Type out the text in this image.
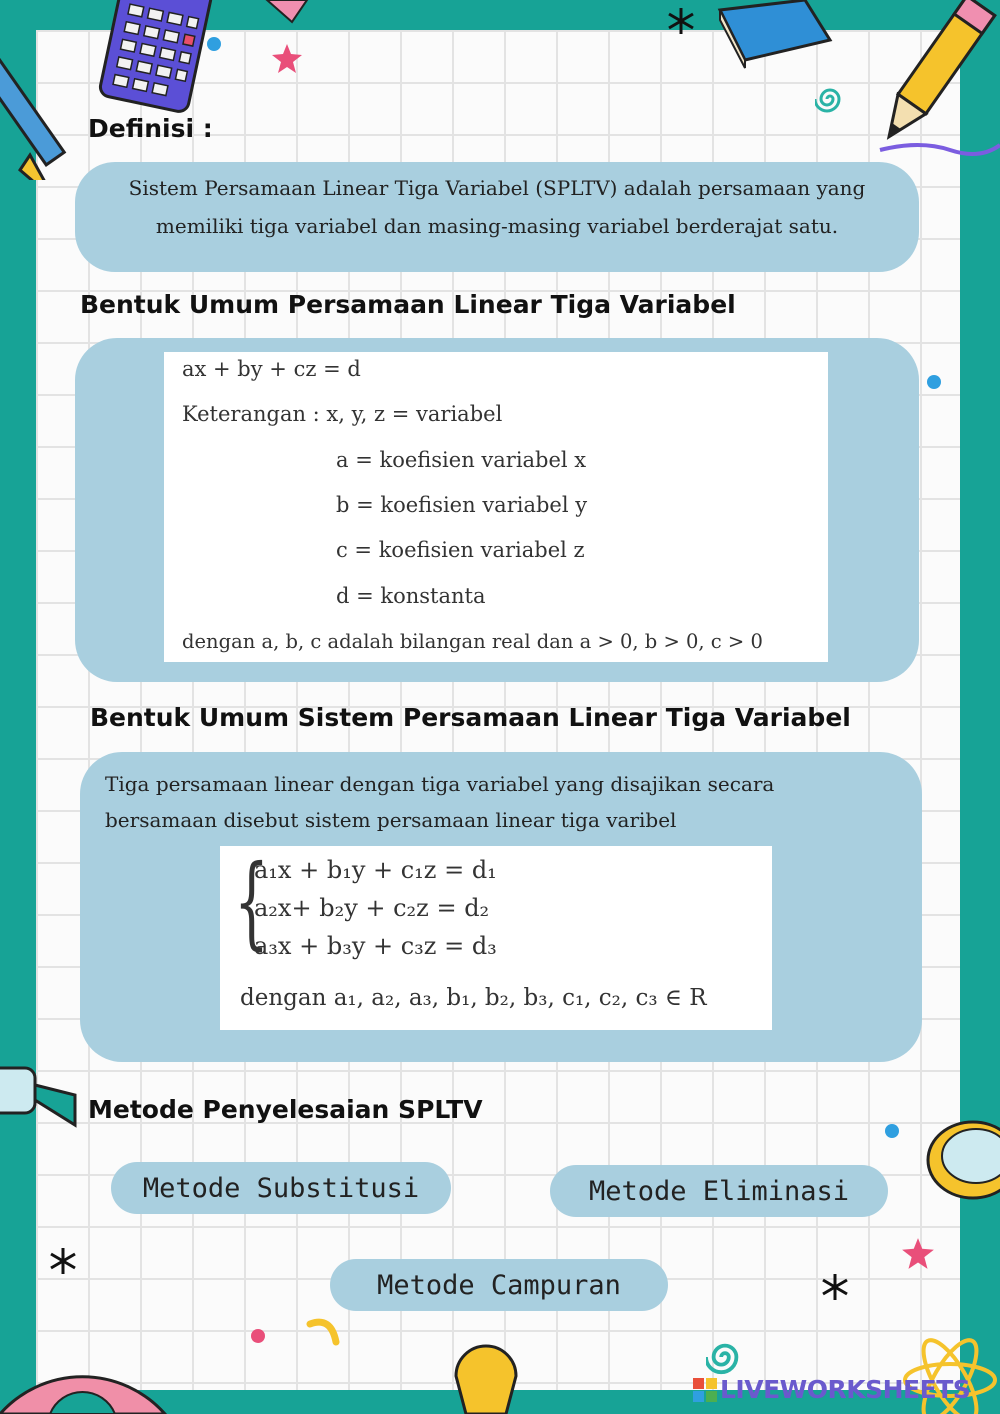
Definisi :
Sistem Persamaan Linear Tiga Variabel (SPLTV) adalah persamaan yang
memiliki tiga variabel dan masing-masing variabel berderajat satu.
Bentuk Umum Persamaan Linear Tiga Variabel
ax + by + cz = d
Keterangan : x, y, z = variabel
a = koefisien variabel x
b = koefisien variabel y
c = koefisien variabel z
d = konstanta
dengan a, b, c adalah bilangan real dan a > 0, b > 0, c > 0
Bentuk Umum Sistem Persamaan Linear Tiga Variabel
Tiga persamaan linear dengan tiga variabel yang disajikan secara
bersamaan disebut sistem persamaan linear tiga varibel
{
a₁x + b₁y + c₁z = d₁
a₂x+ b₂y + c₂z = d₂
a₃x + b₃y + c₃z = d₃
dengan a₁, a₂, a₃, b₁, b₂, b₃, c₁, c₂, c₃ ∈ R
Metode Penyelesaian SPLTV
Metode Substitusi	Metode Eliminasi
Metode Campuran
LIVEWORKSHEETS
